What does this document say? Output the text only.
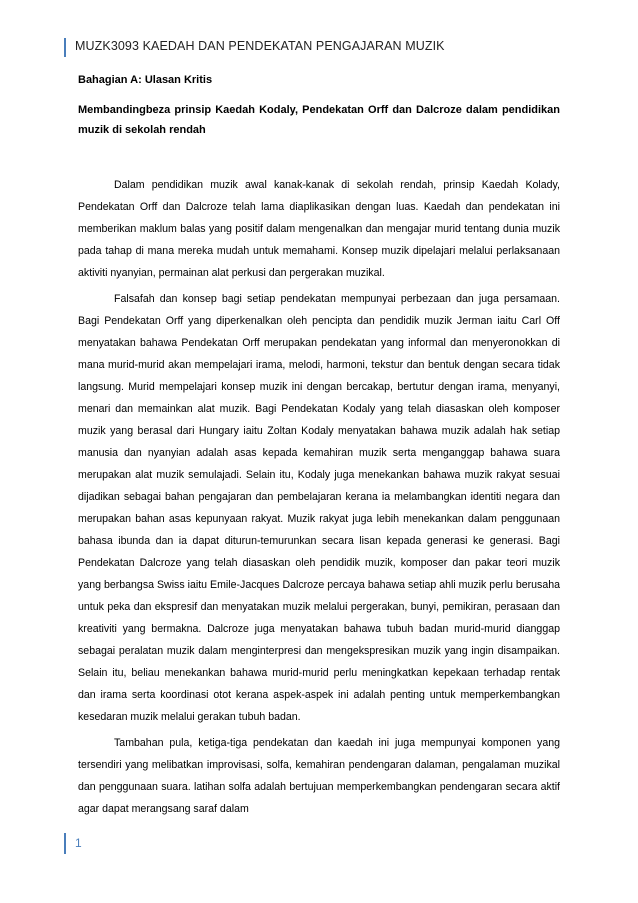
MUZK3093 KAEDAH DAN PENDEKATAN PENGAJARAN MUZIK
Bahagian A: Ulasan Kritis
Membandingbeza prinsip Kaedah Kodaly, Pendekatan Orff dan Dalcroze dalam pendidikan muzik di sekolah rendah

Dalam pendidikan muzik awal kanak-kanak di sekolah rendah, prinsip Kaedah Kolady, Pendekatan Orff dan Dalcroze telah lama diaplikasikan dengan luas. Kaedah dan pendekatan ini memberikan maklum balas yang positif dalam mengenalkan dan mengajar murid tentang dunia muzik pada tahap di mana mereka mudah untuk memahami. Konsep muzik dipelajari melalui perlaksanaan aktiviti nyanyian, permainan alat perkusi dan pergerakan muzikal.

Falsafah dan konsep bagi setiap pendekatan mempunyai perbezaan dan juga persamaan. Bagi Pendekatan Orff yang diperkenalkan oleh pencipta dan pendidik muzik Jerman iaitu Carl Off menyatakan bahawa Pendekatan Orff merupakan pendekatan yang informal dan menyeronokkan di mana murid-murid akan mempelajari irama, melodi, harmoni, tekstur dan bentuk dengan secara tidak langsung. Murid mempelajari konsep muzik ini dengan bercakap, bertutur dengan irama, menyanyi, menari dan memainkan alat muzik. Bagi Pendekatan Kodaly yang telah diasaskan oleh komposer muzik yang berasal dari Hungary iaitu Zoltan Kodaly menyatakan bahawa muzik adalah hak setiap manusia dan nyanyian adalah asas kepada kemahiran muzik serta menganggap bahawa suara merupakan alat muzik semulajadi. Selain itu, Kodaly juga menekankan bahawa muzik rakyat sesuai dijadikan sebagai bahan pengajaran dan pembelajaran kerana ia melambangkan identiti negara dan merupakan bahan asas kepunyaan rakyat. Muzik rakyat juga lebih menekankan dalam penggunaan bahasa ibunda dan ia dapat diturun-temurunkan secara lisan kepada generasi ke generasi. Bagi Pendekatan Dalcroze yang telah diasaskan oleh pendidik muzik, komposer dan pakar teori muzik yang berbangsa Swiss iaitu Emile-Jacques Dalcroze percaya bahawa setiap ahli muzik perlu berusaha untuk peka dan ekspresif dan menyatakan muzik melalui pergerakan, bunyi, pemikiran, perasaan dan kreativiti yang bermakna. Dalcroze juga menyatakan bahawa tubuh badan murid-murid dianggap sebagai peralatan muzik dalam menginterpresi dan mengekspresikan muzik yang ingin disampaikan. Selain itu, beliau menekankan bahawa murid-murid perlu meningkatkan kepekaan terhadap rentak dan irama serta koordinasi otot kerana aspek-aspek ini adalah penting untuk memperkembangkan kesedaran muzik melalui gerakan tubuh badan.

Tambahan pula, ketiga-tiga pendekatan dan kaedah ini juga mempunyai komponen yang tersendiri yang melibatkan improvisasi, solfa, kemahiran pendengaran dalaman, pengalaman muzikal dan penggunaan suara. latihan solfa adalah bertujuan memperkembangkan pendengaran secara aktif agar dapat merangsang saraf dalam

1
